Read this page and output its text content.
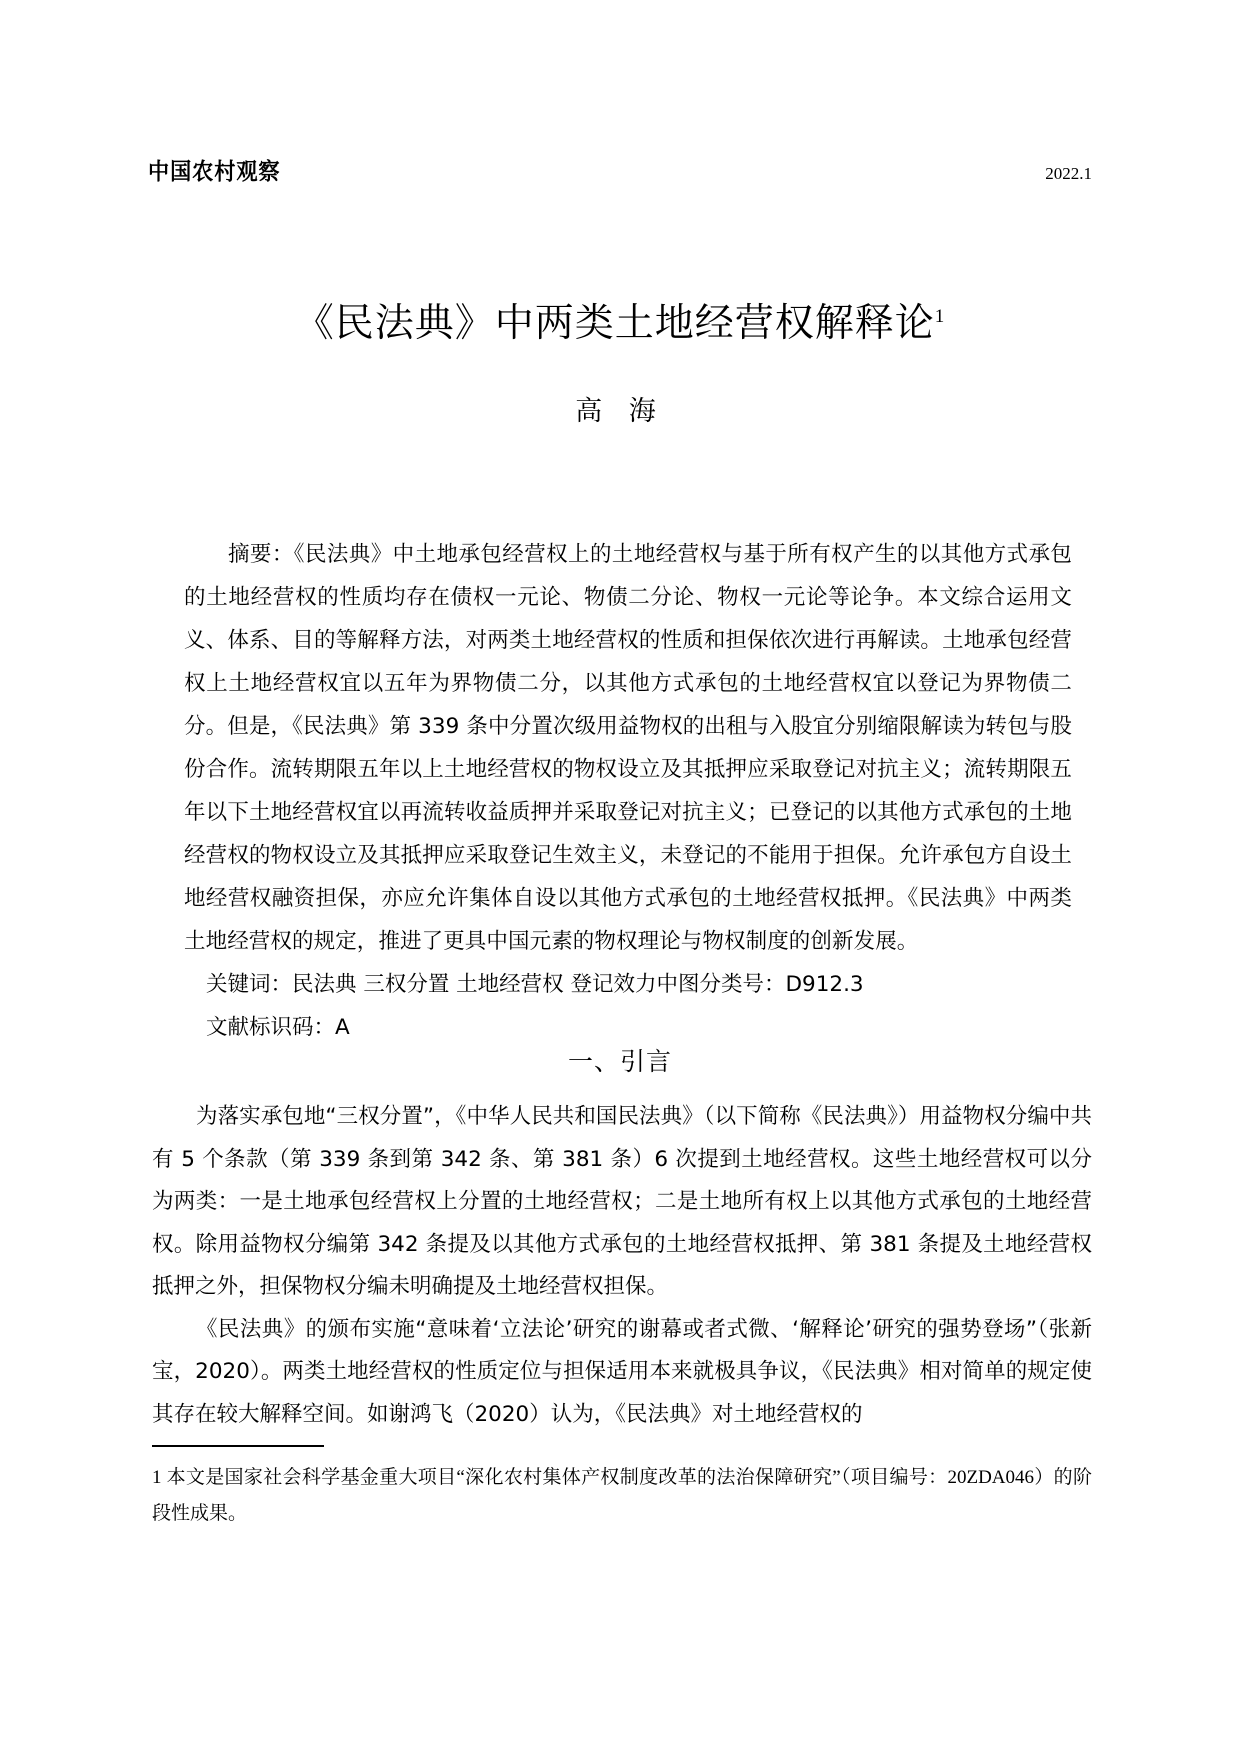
中国农村观察	2022.1
《民法典》中两类土地经营权解释论$^1$
高 海

摘要：《民法典》中土地承包经营权上的土地经营权与基于所有权产生的以其他方式承包的土地经营权的性质均存在债权一元论、物债二分论、物权一元论等论争。本文综合运用文义、体系、目的等解释方法，对两类土地经营权的性质和担保依次进行再解读。土地承包经营权上土地经营权宜以五年为界物债二分，以其他方式承包的土地经营权宜以登记为界物债二分。但是，《民法典》第 339 条中分置次级用益物权的出租与入股宜分别缩限解读为转包与股份合作。流转期限五年以上土地经营权的物权设立及其抵押应采取登记对抗主义；流转期限五年以下土地经营权宜以再流转收益质押并采取登记对抗主义；已登记的以其他方式承包的土地经营权的物权设立及其抵押应采取登记生效主义，未登记的不能用于担保。允许承包方自设土地经营权融资担保，亦应允许集体自设以其他方式承包的土地经营权抵押。《民法典》中两类土地经营权的规定，推进了更具中国元素的物权理论与物权制度的创新发展。

关键词：民法典 三权分置 土地经营权 登记效力中图分类号：D912.3

文献标识码：A

一、引言

为落实承包地“三权分置”，《中华人民共和国民法典》（以下简称《民法典》）用益物权分编中共有 5 个条款（第 339 条到第 342 条、第 381 条）6 次提到土地经营权。这些土地经营权可以分为两类：一是土地承包经营权上分置的土地经营权；二是土地所有权上以其他方式承包的土地经营权。除用益物权分编第 342 条提及以其他方式承包的土地经营权抵押、第 381 条提及土地经营权抵押之外，担保物权分编未明确提及土地经营权担保。

《民法典》的颁布实施“意味着‘立法论’研究的谢幕或者式微、‘解释论’研究的强势登场”（张新宝，2020）。两类土地经营权的性质定位与担保适用本来就极具争议，《民法典》相对简单的规定使其存在较大解释空间。如谢鸿飞（2020）认为，《民法典》对土地经营权的

1 本文是国家社会科学基金重大项目“深化农村集体产权制度改革的法治保障研究”（项目编号：20ZDA046）的阶段性成果。
